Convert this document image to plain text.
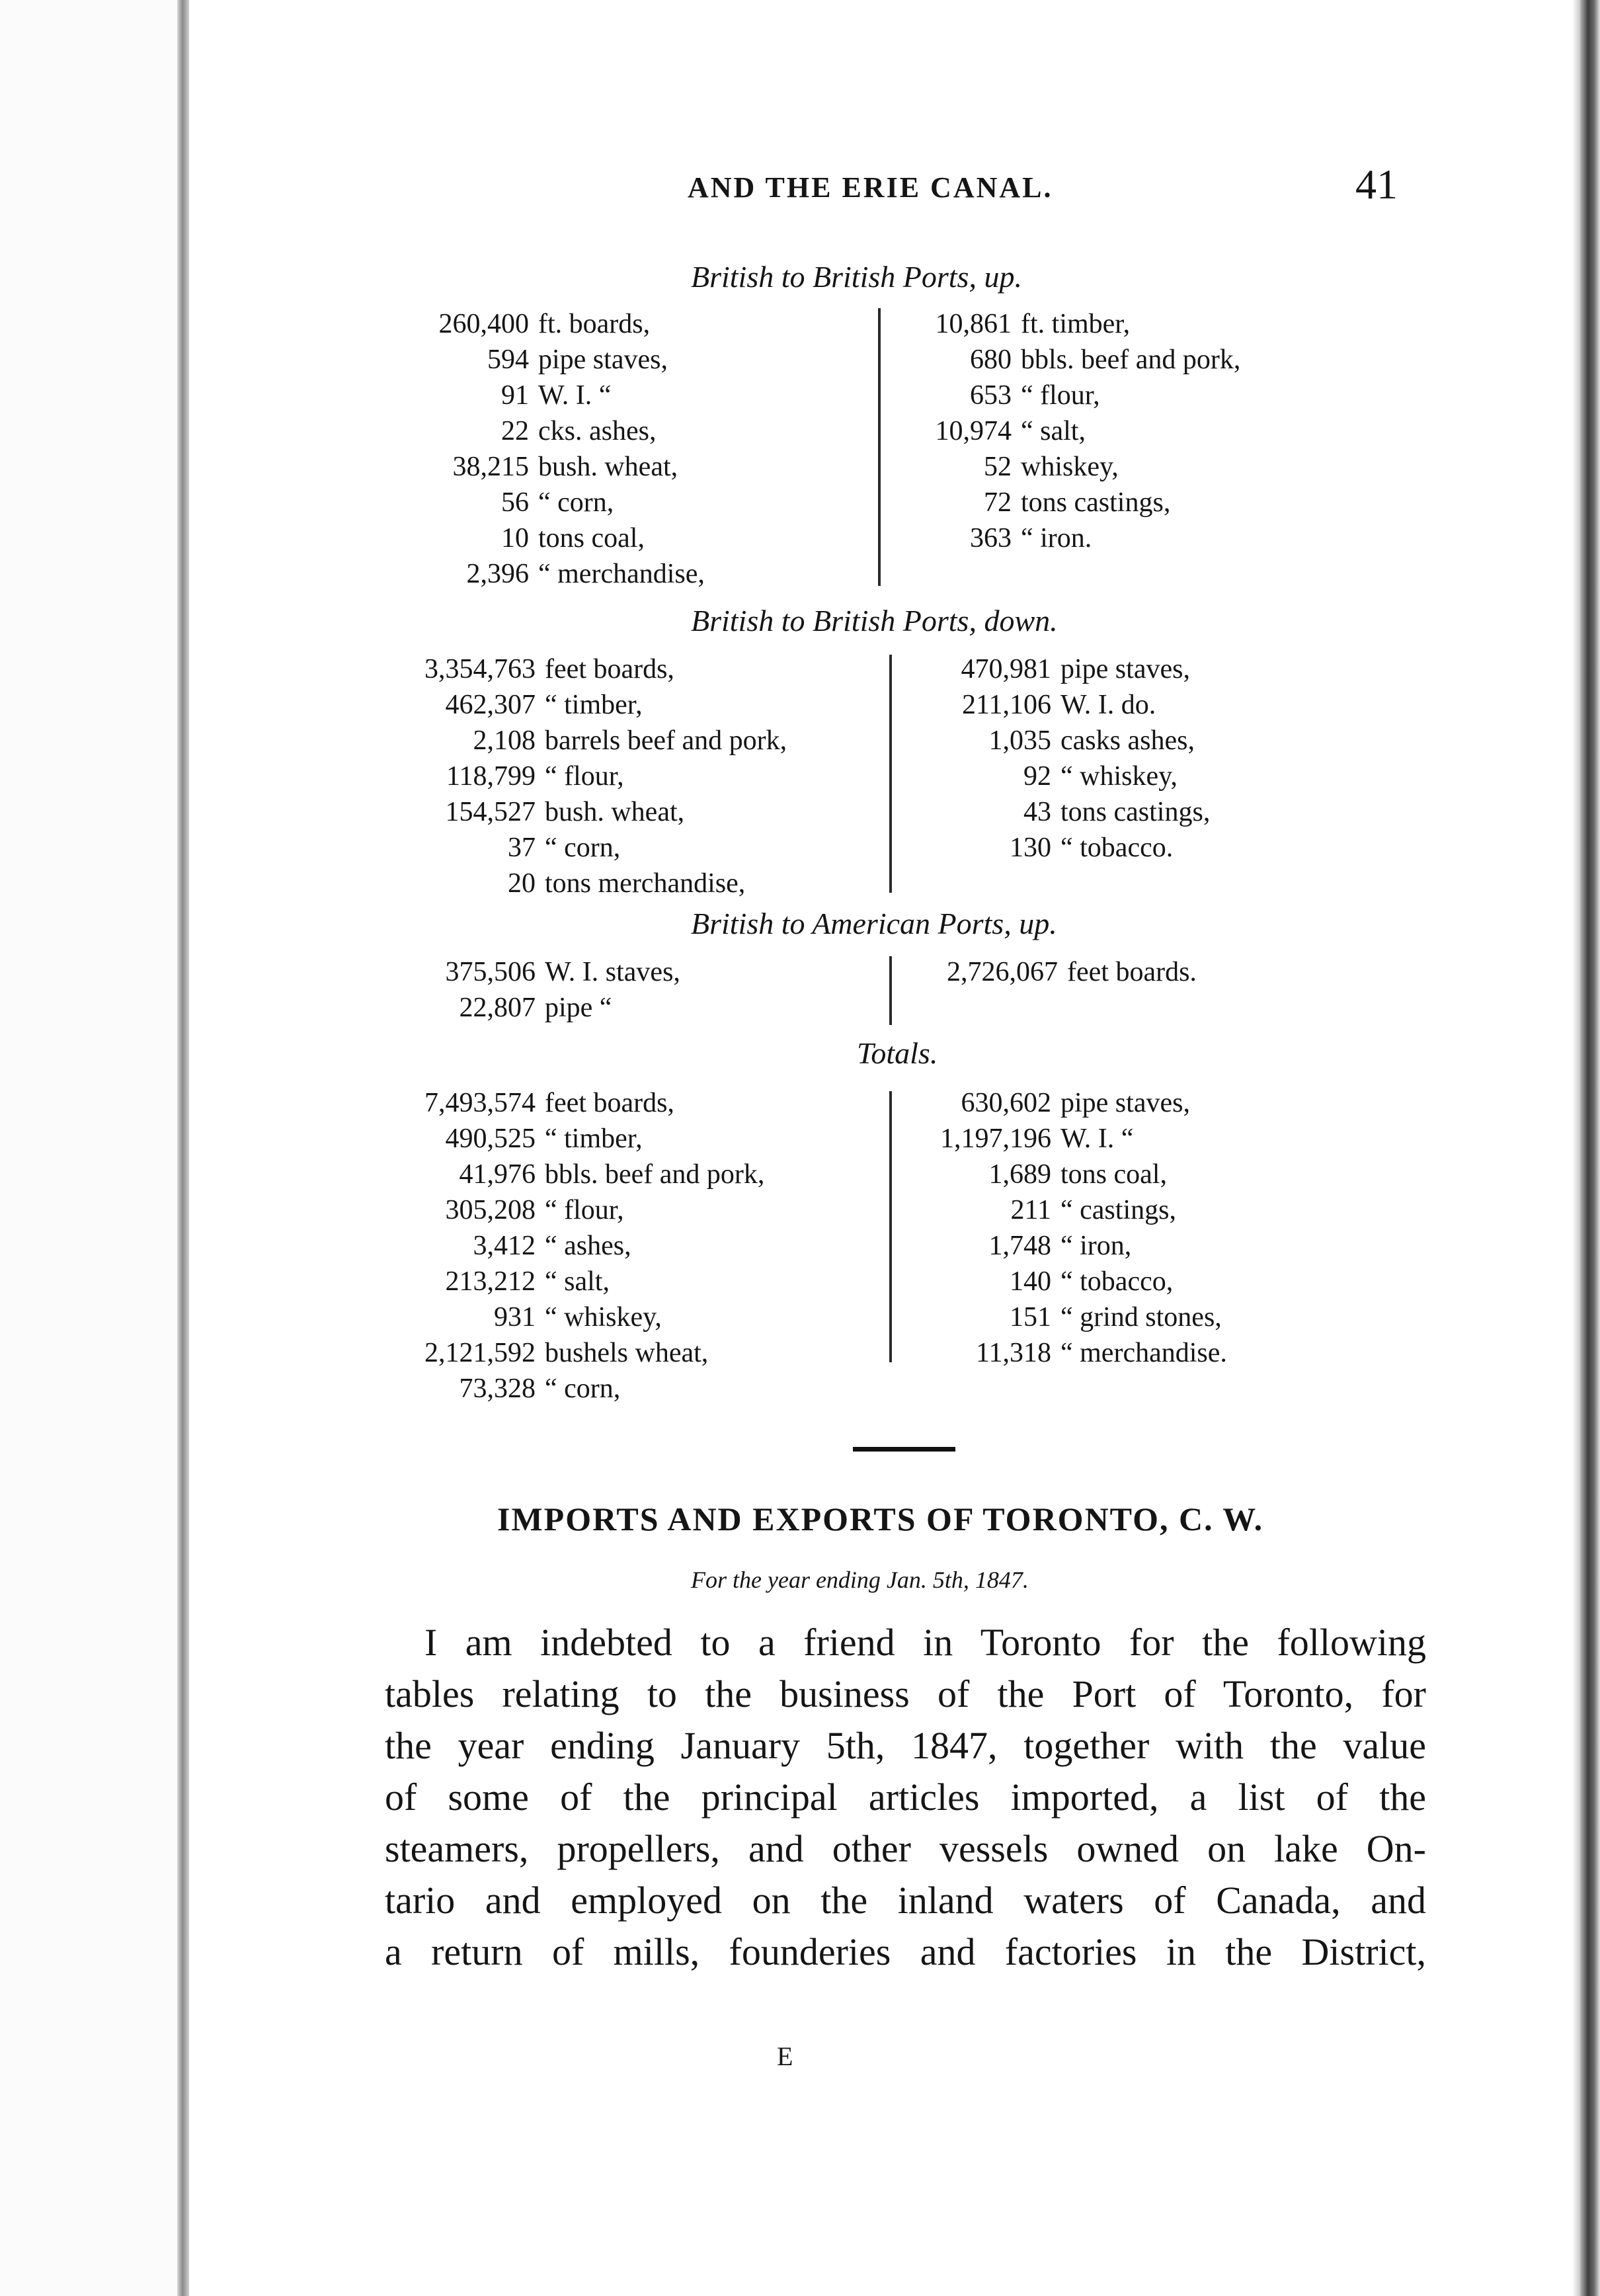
AND THE ERIE CANAL.	41
British to British Ports, up.
260,400 ft. boards,
594 pipe staves,
91 W. I. “
22 cks. ashes,
38,215 bush. wheat,
56 “ corn,
10 tons coal,
2,396 “ merchandise,
10,861 ft. timber,
680 bbls. beef and pork,
653 “ flour,
10,974 “ salt,
52 whiskey,
72 tons castings,
363 “ iron.
British to British Ports, down.
3,354,763 feet boards,
462,307 “ timber,
2,108 barrels beef and pork,
118,799 “ flour,
154,527 bush. wheat,
37 “ corn,
20 tons merchandise,
470,981 pipe staves,
211,106 W. I. do.
1,035 casks ashes,
92 “ whiskey,
43 tons castings,
130 “ tobacco.
British to American Ports, up.
375,506 W. I. staves,
22,807 pipe “
2,726,067 feet boards.
Totals.
7,493,574 feet boards,
490,525 “ timber,
41,976 bbls. beef and pork,
305,208 “ flour,
3,412 “ ashes,
213,212 “ salt,
931 “ whiskey,
2,121,592 bushels wheat,
73,328 “ corn,
630,602 pipe staves,
1,197,196 W. I. “
1,689 tons coal,
211 “ castings,
1,748 “ iron,
140 “ tobacco,
151 “ grind stones,
11,318 “ merchandise.
IMPORTS AND EXPORTS OF TORONTO, C. W.
For the year ending Jan. 5th, 1847.
I am indebted to a friend in Toronto for the following
tables relating to the business of the Port of Toronto, for
the year ending January 5th, 1847, together with the value
of some of the principal articles imported, a list of the
steamers, propellers, and other vessels owned on lake On-
tario and employed on the inland waters of Canada, and
a return of mills, founderies and factories in the District,
E
